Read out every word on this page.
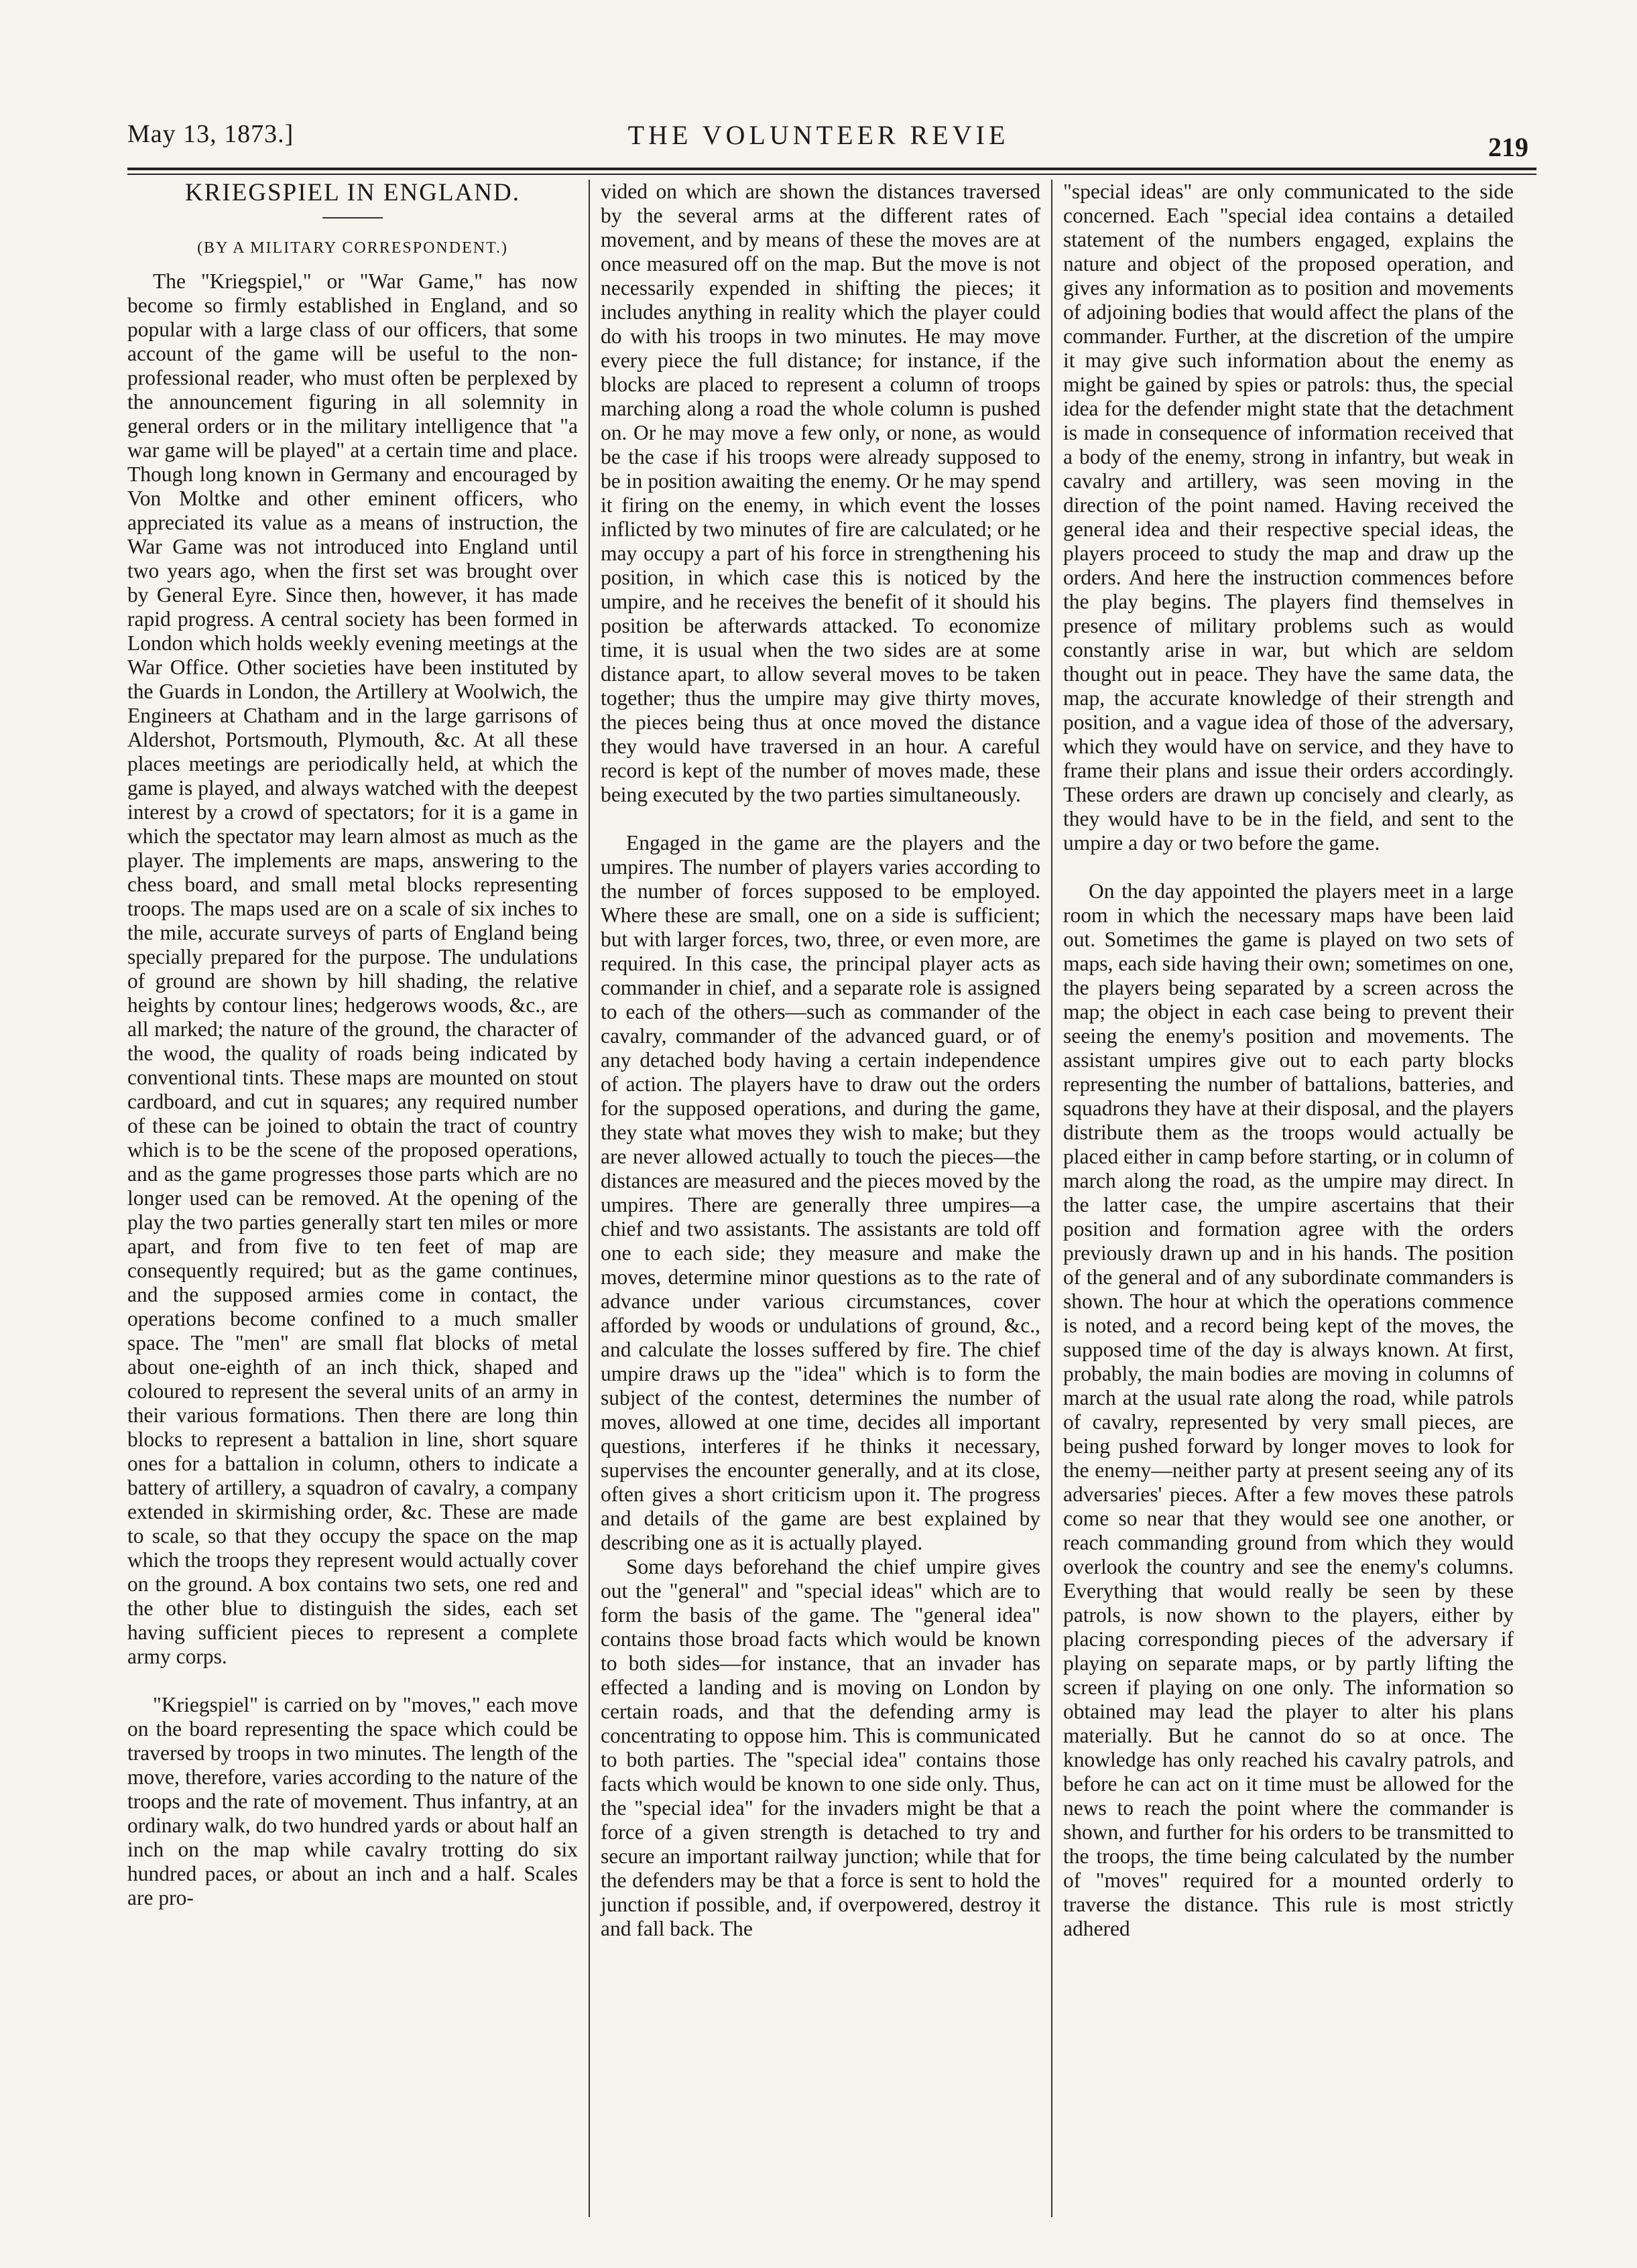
May 13, 1873.]	THE VOLUNTEER REVIE	219
KRIEGSPIEL IN ENGLAND.
(BY A MILITARY CORRESPONDENT.)

The "Kriegspiel," or "War Game," has now become so firmly established in England, and so popular with a large class of our officers, that some account of the game will be useful to the non-professional reader, who must often be perplexed by the announcement figuring in all solemnity in general orders or in the military intelligence that "a war game will be played" at a certain time and place. Though long known in Germany and encouraged by Von Moltke and other eminent officers, who appreciated its value as a means of instruction, the War Game was not introduced into England until two years ago, when the first set was brought over by General Eyre. Since then, however, it has made rapid progress. A central society has been formed in London which holds weekly evening meetings at the War Office. Other societies have been instituted by the Guards in London, the Artillery at Woolwich, the Engineers at Chatham and in the large garrisons of Aldershot, Portsmouth, Plymouth, &c. At all these places meetings are periodically held, at which the game is played, and always watched with the deepest interest by a crowd of spectators; for it is a game in which the spectator may learn almost as much as the player. The implements are maps, answering to the chess board, and small metal blocks representing troops. The maps used are on a scale of six inches to the mile, accurate surveys of parts of England being specially prepared for the purpose. The undulations of ground are shown by hill shading, the relative heights by contour lines; hedgerows woods, &c., are all marked; the nature of the ground, the character of the wood, the quality of roads being indicated by conventional tints. These maps are mounted on stout cardboard, and cut in squares; any required number of these can be joined to obtain the tract of country which is to be the scene of the proposed operations, and as the game progresses those parts which are no longer used can be removed. At the opening of the play the two parties generally start ten miles or more apart, and from five to ten feet of map are consequently required; but as the game continues, and the supposed armies come in contact, the operations become confined to a much smaller space. The "men" are small flat blocks of metal about one-eighth of an inch thick, shaped and coloured to represent the several units of an army in their various formations. Then there are long thin blocks to represent a battalion in line, short square ones for a battalion in column, others to indicate a battery of artillery, a squadron of cavalry, a company extended in skirmishing order, &c. These are made to scale, so that they occupy the space on the map which the troops they represent would actually cover on the ground. A box contains two sets, one red and the other blue to distinguish the sides, each set having sufficient pieces to represent a complete army corps.

"Kriegspiel" is carried on by "moves," each move on the board representing the space which could be traversed by troops in two minutes. The length of the move, therefore, varies according to the nature of the troops and the rate of movement. Thus infantry, at an ordinary walk, do two hundred yards or about half an inch on the map while cavalry trotting do six hundred paces, or about an inch and a half. Scales are pro-

vided on which are shown the distances traversed by the several arms at the different rates of movement, and by means of these the moves are at once measured off on the map. But the move is not necessarily expended in shifting the pieces; it includes anything in reality which the player could do with his troops in two minutes. He may move every piece the full distance; for instance, if the blocks are placed to represent a column of troops marching along a road the whole column is pushed on. Or he may move a few only, or none, as would be the case if his troops were already supposed to be in position awaiting the enemy. Or he may spend it firing on the enemy, in which event the losses inflicted by two minutes of fire are calculated; or he may occupy a part of his force in strengthening his position, in which case this is noticed by the umpire, and he receives the benefit of it should his position be afterwards attacked. To economize time, it is usual when the two sides are at some distance apart, to allow several moves to be taken together; thus the umpire may give thirty moves, the pieces being thus at once moved the distance they would have traversed in an hour. A careful record is kept of the number of moves made, these being executed by the two parties simultaneously.

Engaged in the game are the players and the umpires. The number of players varies according to the number of forces supposed to be employed. Where these are small, one on a side is sufficient; but with larger forces, two, three, or even more, are required. In this case, the principal player acts as commander in chief, and a separate role is assigned to each of the others—such as commander of the cavalry, commander of the advanced guard, or of any detached body having a certain independence of action. The players have to draw out the orders for the supposed operations, and during the game, they state what moves they wish to make; but they are never allowed actually to touch the pieces—the distances are measured and the pieces moved by the umpires. There are generally three umpires—a chief and two assistants. The assistants are told off one to each side; they measure and make the moves, determine minor questions as to the rate of advance under various circumstances, cover afforded by woods or undulations of ground, &c., and calculate the losses suffered by fire. The chief umpire draws up the "idea" which is to form the subject of the contest, determines the number of moves, allowed at one time, decides all important questions, interferes if he thinks it necessary, supervises the encounter generally, and at its close, often gives a short criticism upon it. The progress and details of the game are best explained by describing one as it is actually played.

Some days beforehand the chief umpire gives out the "general" and "special ideas" which are to form the basis of the game. The "general idea" contains those broad facts which would be known to both sides—for instance, that an invader has effected a landing and is moving on London by certain roads, and that the defending army is concentrating to oppose him. This is communicated to both parties. The "special idea" contains those facts which would be known to one side only. Thus, the "special idea" for the invaders might be that a force of a given strength is detached to try and secure an important railway junction; while that for the defenders may be that a force is sent to hold the junction if possible, and, if overpowered, destroy it and fall back. The

"special ideas" are only communicated to the side concerned. Each "special idea contains a detailed statement of the numbers engaged, explains the nature and object of the proposed operation, and gives any information as to position and movements of adjoining bodies that would affect the plans of the commander. Further, at the discretion of the umpire it may give such information about the enemy as might be gained by spies or patrols: thus, the special idea for the defender might state that the detachment is made in consequence of information received that a body of the enemy, strong in infantry, but weak in cavalry and artillery, was seen moving in the direction of the point named. Having received the general idea and their respective special ideas, the players proceed to study the map and draw up the orders. And here the instruction commences before the play begins. The players find themselves in presence of military problems such as would constantly arise in war, but which are seldom thought out in peace. They have the same data, the map, the accurate knowledge of their strength and position, and a vague idea of those of the adversary, which they would have on service, and they have to frame their plans and issue their orders accordingly. These orders are drawn up concisely and clearly, as they would have to be in the field, and sent to the umpire a day or two before the game.

On the day appointed the players meet in a large room in which the necessary maps have been laid out. Sometimes the game is played on two sets of maps, each side having their own; sometimes on one, the players being separated by a screen across the map; the object in each case being to prevent their seeing the enemy's position and movements. The assistant umpires give out to each party blocks representing the number of battalions, batteries, and squadrons they have at their disposal, and the players distribute them as the troops would actually be placed either in camp before starting, or in column of march along the road, as the umpire may direct. In the latter case, the umpire ascertains that their position and formation agree with the orders previously drawn up and in his hands. The position of the general and of any subordinate commanders is shown. The hour at which the operations commence is noted, and a record being kept of the moves, the supposed time of the day is always known. At first, probably, the main bodies are moving in columns of march at the usual rate along the road, while patrols of cavalry, represented by very small pieces, are being pushed forward by longer moves to look for the enemy—neither party at present seeing any of its adversaries' pieces. After a few moves these patrols come so near that they would see one another, or reach commanding ground from which they would overlook the country and see the enemy's columns. Everything that would really be seen by these patrols, is now shown to the players, either by placing corresponding pieces of the adversary if playing on separate maps, or by partly lifting the screen if playing on one only. The information so obtained may lead the player to alter his plans materially. But he cannot do so at once. The knowledge has only reached his cavalry patrols, and before he can act on it time must be allowed for the news to reach the point where the commander is shown, and further for his orders to be transmitted to the troops, the time being calculated by the number of "moves" required for a mounted orderly to traverse the distance. This rule is most strictly adhered
